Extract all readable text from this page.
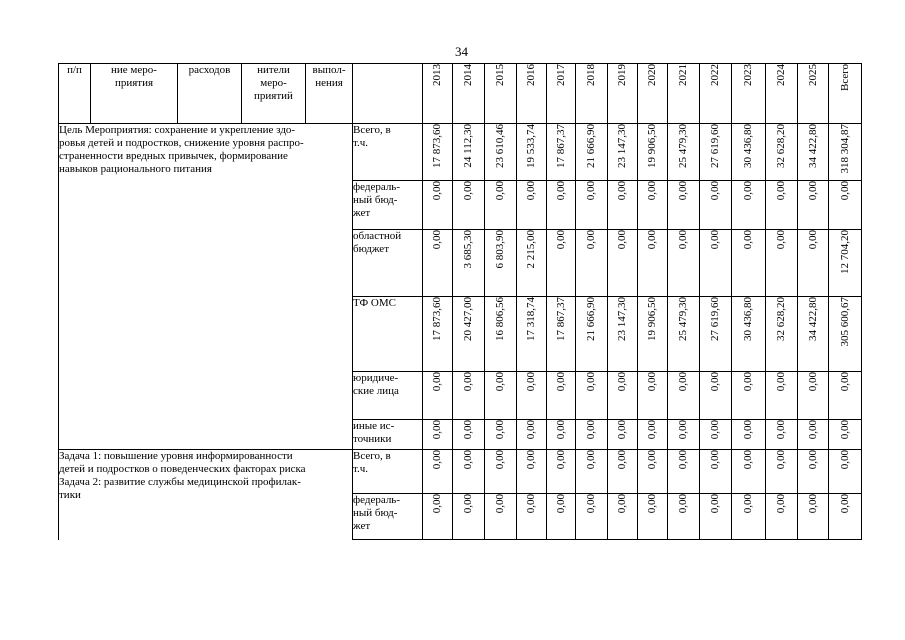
34
п/п	ние меро-
приятия	расходов	нители
меро-
приятий	выпол-
нения		2013	2014	2015	2016	2017	2018	2019	2020	2021	2022	2023	2024	2025	Всего
Цель Мероприятия: сохранение и укрепление здо-
ровья детей и подростков, снижение уровня распро-
страненности вредных привычек, формирование
навыков рационального питания					Всего, в
т.ч.	17 873,60	24 112,30	23 610,46	19 533,74	17 867,37	21 666,90	23 147,30	19 906,50	25 479,30	27 619,60	30 436,80	32 628,20	34 422,80	318 304,87
					федераль-
ный бюд-
жет	0,00	0,00	0,00	0,00	0,00	0,00	0,00	0,00	0,00	0,00	0,00	0,00	0,00	0,00
					областной
бюджет	0,00	3 685,30	6 803,90	2 215,00	0,00	0,00	0,00	0,00	0,00	0,00	0,00	0,00	0,00	12 704,20
					ТФ ОМС	17 873,60	20 427,00	16 806,56	17 318,74	17 867,37	21 666,90	23 147,30	19 906,50	25 479,30	27 619,60	30 436,80	32 628,20	34 422,80	305 600,67
					юридиче-
ские лица	0,00	0,00	0,00	0,00	0,00	0,00	0,00	0,00	0,00	0,00	0,00	0,00	0,00	0,00
					иные ис-
точники	0,00	0,00	0,00	0,00	0,00	0,00	0,00	0,00	0,00	0,00	0,00	0,00	0,00	0,00
Задача 1: повышение уровня информированности
детей и подростков о поведенческих факторах риска
Задача 2: развитие службы медицинской профилак-
тики					Всего, в
т.ч.	0,00	0,00	0,00	0,00	0,00	0,00	0,00	0,00	0,00	0,00	0,00	0,00	0,00	0,00
					федераль-
ный бюд-
жет	0,00	0,00	0,00	0,00	0,00	0,00	0,00	0,00	0,00	0,00	0,00	0,00	0,00	0,00
